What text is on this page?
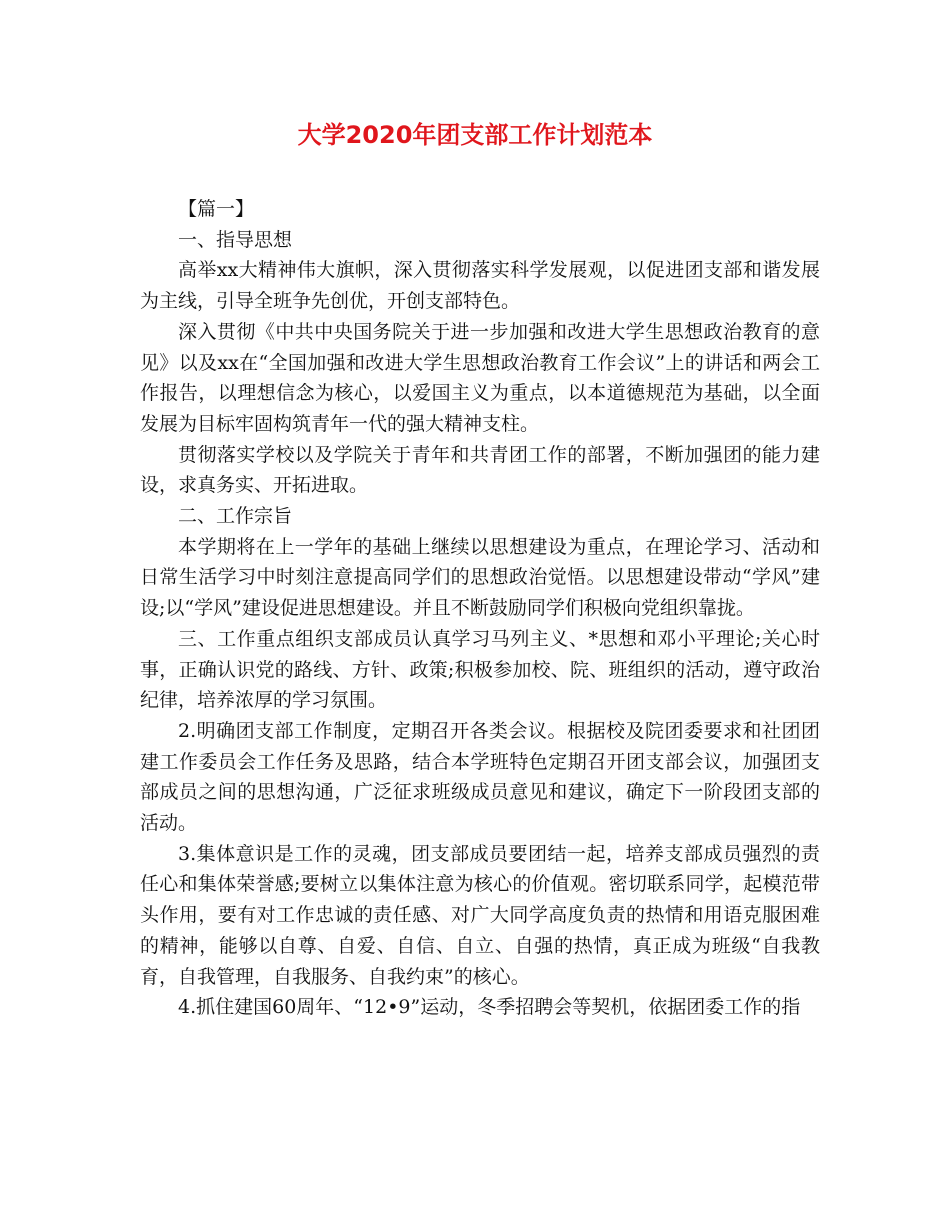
大学2020年团支部工作计划范本

【篇一】

一、指导思想

高举xx大精神伟大旗帜，深入贯彻落实科学发展观，以促进团支部和谐发展为主线，引导全班争先创优，开创支部特色。

深入贯彻《中共中央国务院关于进一步加强和改进大学生思想政治教育的意见》以及xx在“全国加强和改进大学生思想政治教育工作会议”上的讲话和两会工作报告，以理想信念为核心，以爱国主义为重点，以本道德规范为基础，以全面发展为目标牢固构筑青年一代的强大精神支柱。

贯彻落实学校以及学院关于青年和共青团工作的部署，不断加强团的能力建设，求真务实、开拓进取。

二、工作宗旨

本学期将在上一学年的基础上继续以思想建设为重点，在理论学习、活动和日常生活学习中时刻注意提高同学们的思想政治觉悟。以思想建设带动“学风”建设;以“学风”建设促进思想建设。并且不断鼓励同学们积极向党组织靠拢。

三、工作重点组织支部成员认真学习马列主义、*思想和邓小平理论;关心时事，正确认识党的路线、方针、政策;积极参加校、院、班组织的活动，遵守政治纪律，培养浓厚的学习氛围。

2.明确团支部工作制度，定期召开各类会议。根据校及院团委要求和社团团建工作委员会工作任务及思路，结合本学班特色定期召开团支部会议，加强团支部成员之间的思想沟通，广泛征求班级成员意见和建议，确定下一阶段团支部的活动。

3.集体意识是工作的灵魂，团支部成员要团结一起，培养支部成员强烈的责任心和集体荣誉感;要树立以集体注意为核心的价值观。密切联系同学，起模范带头作用，要有对工作忠诚的责任感、对广大同学高度负责的热情和用语克服困难的精神，能够以自尊、自爱、自信、自立、自强的热情，真正成为班级“自我教育，自我管理，自我服务、自我约束”的核心。

4.抓住建国60周年、“12•9”运动，冬季招聘会等契机，依据团委工作的指
